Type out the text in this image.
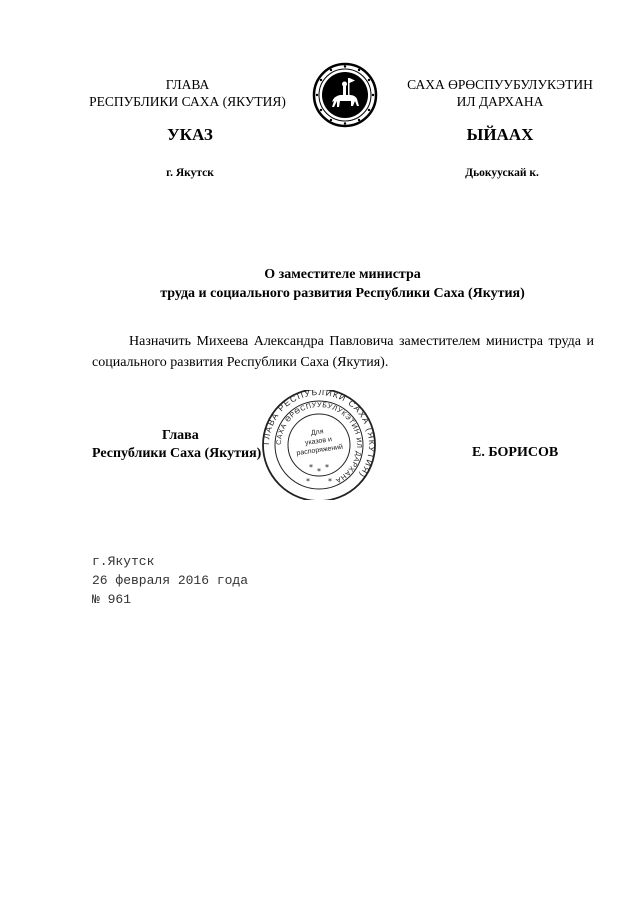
ГЛАВА
РЕСПУБЛИКИ САХА (ЯКУТИЯ)
САХА ӨРӨСПУУБУЛУКЭТИН
ИЛ ДАРХАНА
УКАЗ	ЫЙААХ
г. Якутск	Дьокуускай к.
О заместителе министра
труда и социального развития Республики Саха (Якутия)
Назначить Михеева Александра Павловича заместителем министра труда и социального развития Республики Саха (Якутия).
ГЛАВА РЕСПУБЛИКИ САХА (ЯКУТИЯ)
САХА ӨРӨСПУУБУЛУКЭТИН ИЛ ДАРХАНА
Для
указов и
распоряжений
* * *
* *
Глава
Республики Саха (Якутия)	Е. БОРИСОВ
г.Якутск
26 февраля 2016 года
№ 961
